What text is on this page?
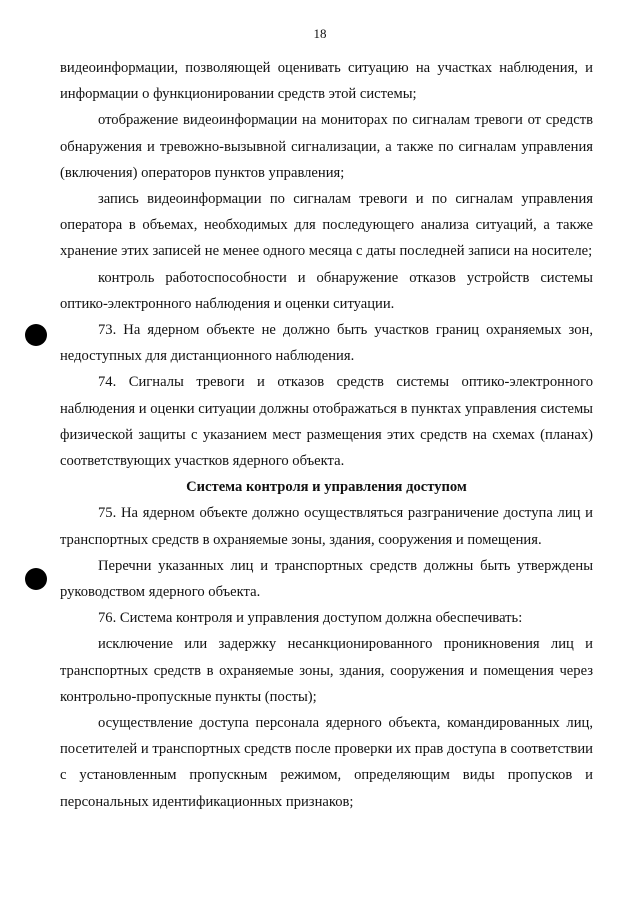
18

видеоинформации, позволяющей оценивать ситуацию на участках наблюдения, и информации о функционировании средств этой системы;

отображение видеоинформации на мониторах по сигналам тревоги от средств обнаружения и тревожно-вызывной сигнализации, а также по сигналам управления (включения) операторов пунктов управления;

запись видеоинформации по сигналам тревоги и по сигналам управления оператора в объемах, необходимых для последующего анализа ситуаций, а также хранение этих записей не менее одного месяца с даты последней записи на носителе;

контроль работоспособности и обнаружение отказов устройств системы оптико-электронного наблюдения и оценки ситуации.

73. На ядерном объекте не должно быть участков границ охраняемых зон, недоступных для дистанционного наблюдения.

74. Сигналы тревоги и отказов средств системы оптико-электронного наблюдения и оценки ситуации должны отображаться в пунктах управления системы физической защиты с указанием мест размещения этих средств на схемах (планах) соответствующих участков ядерного объекта.

Система контроля и управления доступом

75. На ядерном объекте должно осуществляться разграничение доступа лиц и транспортных средств в охраняемые зоны, здания, сооружения и помещения.

Перечни указанных лиц и транспортных средств должны быть утверждены руководством ядерного объекта.

76. Система контроля и управления доступом должна обеспечивать:

исключение или задержку несанкционированного проникновения лиц и транспортных средств в охраняемые зоны, здания, сооружения и помещения через контрольно-пропускные пункты (посты);

осуществление доступа персонала ядерного объекта, командированных лиц, посетителей и транспортных средств после проверки их прав доступа в соответствии с установленным пропускным режимом, определяющим виды пропусков и персональных идентификационных признаков;
